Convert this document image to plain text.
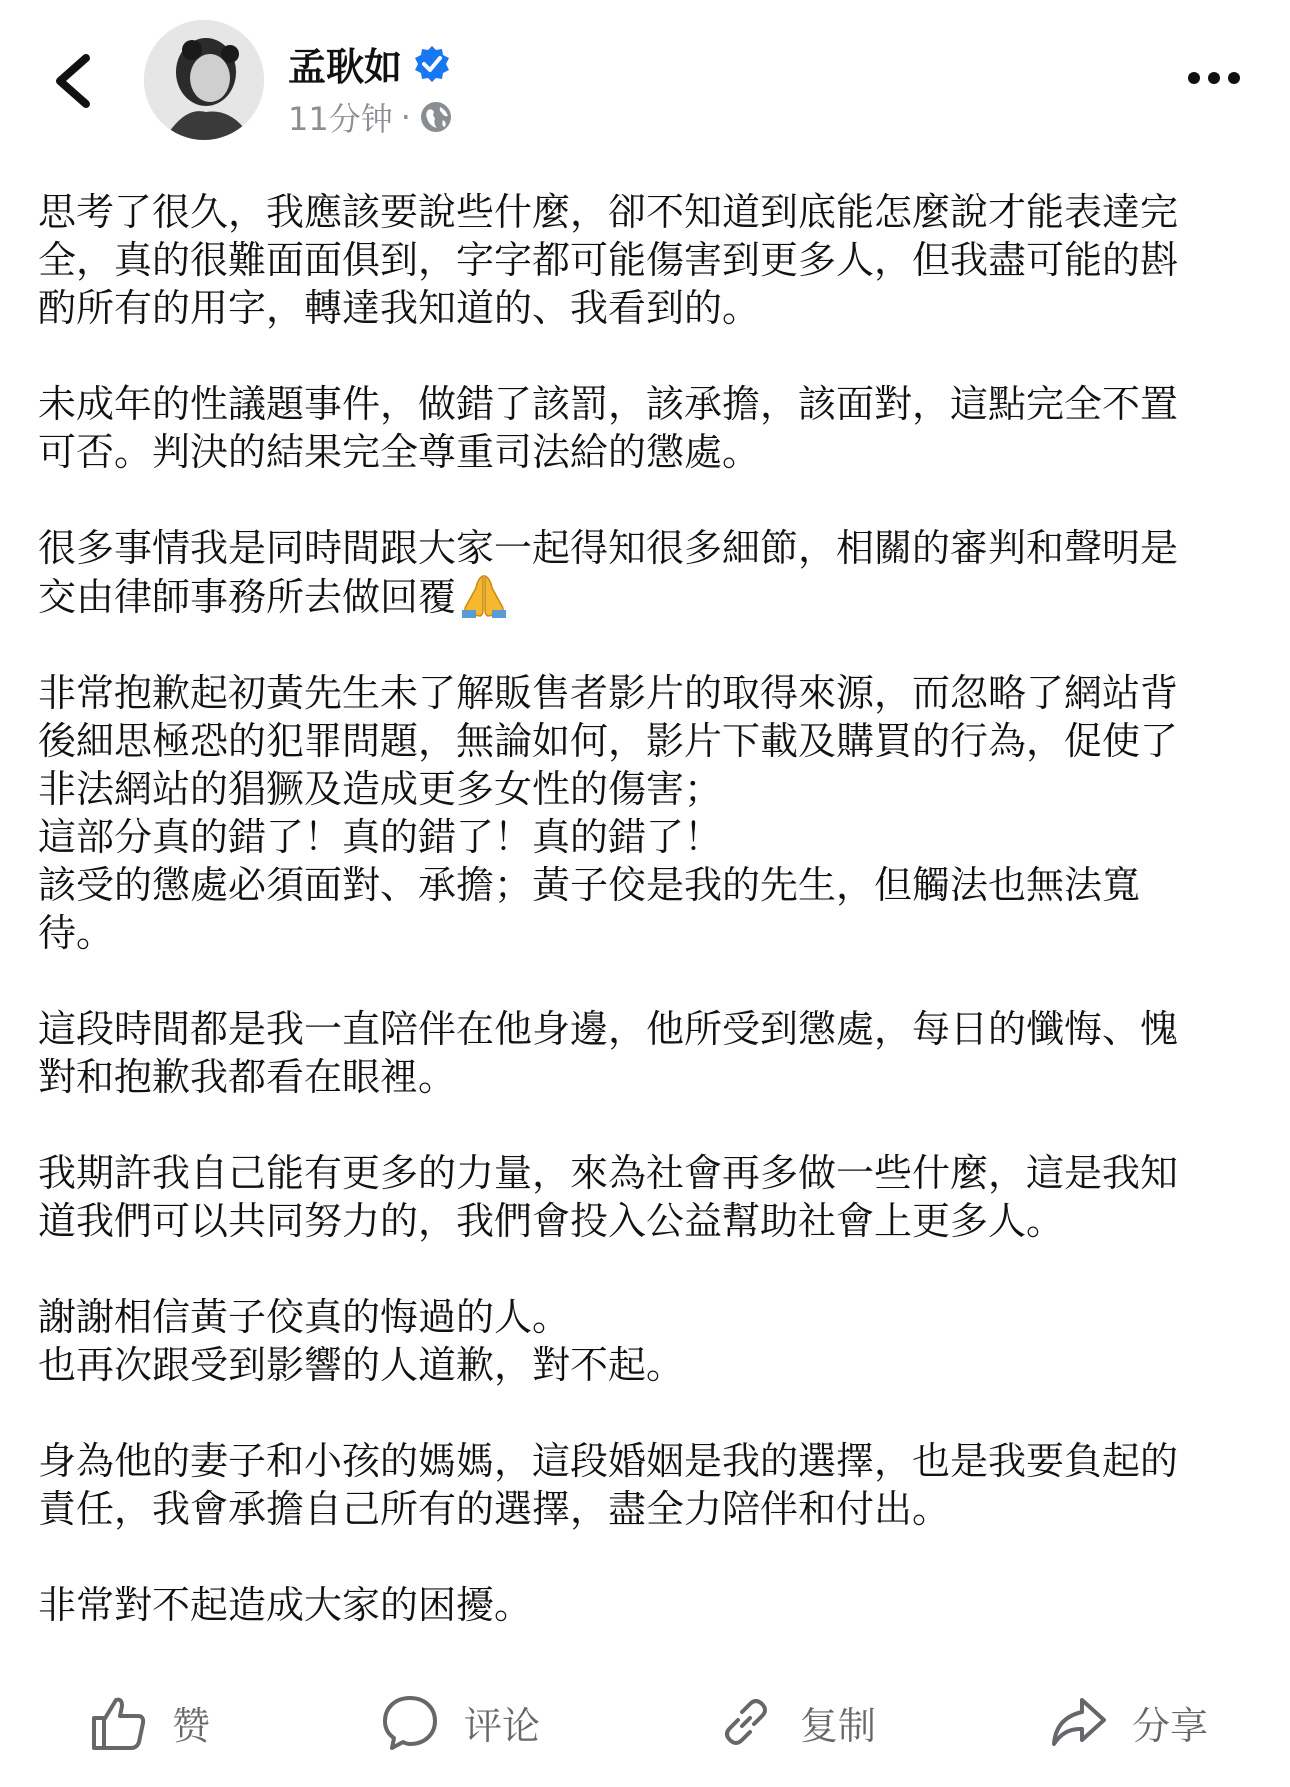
孟耿如
11分钟 ·
思考了很久，我應該要說些什麼，卻不知道到底能怎麼說才能表達完
全，真的很難面面俱到，字字都可能傷害到更多人，但我盡可能的斟
酌所有的用字，轉達我知道的、我看到的。
未成年的性議題事件，做錯了該罰，該承擔，該面對，這點完全不置
可否。判決的結果完全尊重司法給的懲處。
很多事情我是同時間跟大家一起得知很多細節，相關的審判和聲明是
交由律師事務所去做回覆
非常抱歉起初黃先生未了解販售者影片的取得來源，而忽略了網站背
後細思極恐的犯罪問題，無論如何，影片下載及購買的行為，促使了
非法網站的猖獗及造成更多女性的傷害；
這部分真的錯了！真的錯了！真的錯了！
該受的懲處必須面對、承擔；黃子佼是我的先生，但觸法也無法寬
待。
這段時間都是我一直陪伴在他身邊，他所受到懲處，每日的懺悔、愧
對和抱歉我都看在眼裡。
我期許我自己能有更多的力量，來為社會再多做一些什麼，這是我知
道我們可以共同努力的，我們會投入公益幫助社會上更多人。
謝謝相信黃子佼真的悔過的人。
也再次跟受到影響的人道歉，對不起。
身為他的妻子和小孩的媽媽，這段婚姻是我的選擇，也是我要負起的
責任，我會承擔自己所有的選擇，盡全力陪伴和付出。
非常對不起造成大家的困擾。
赞	评论	复制	分享
